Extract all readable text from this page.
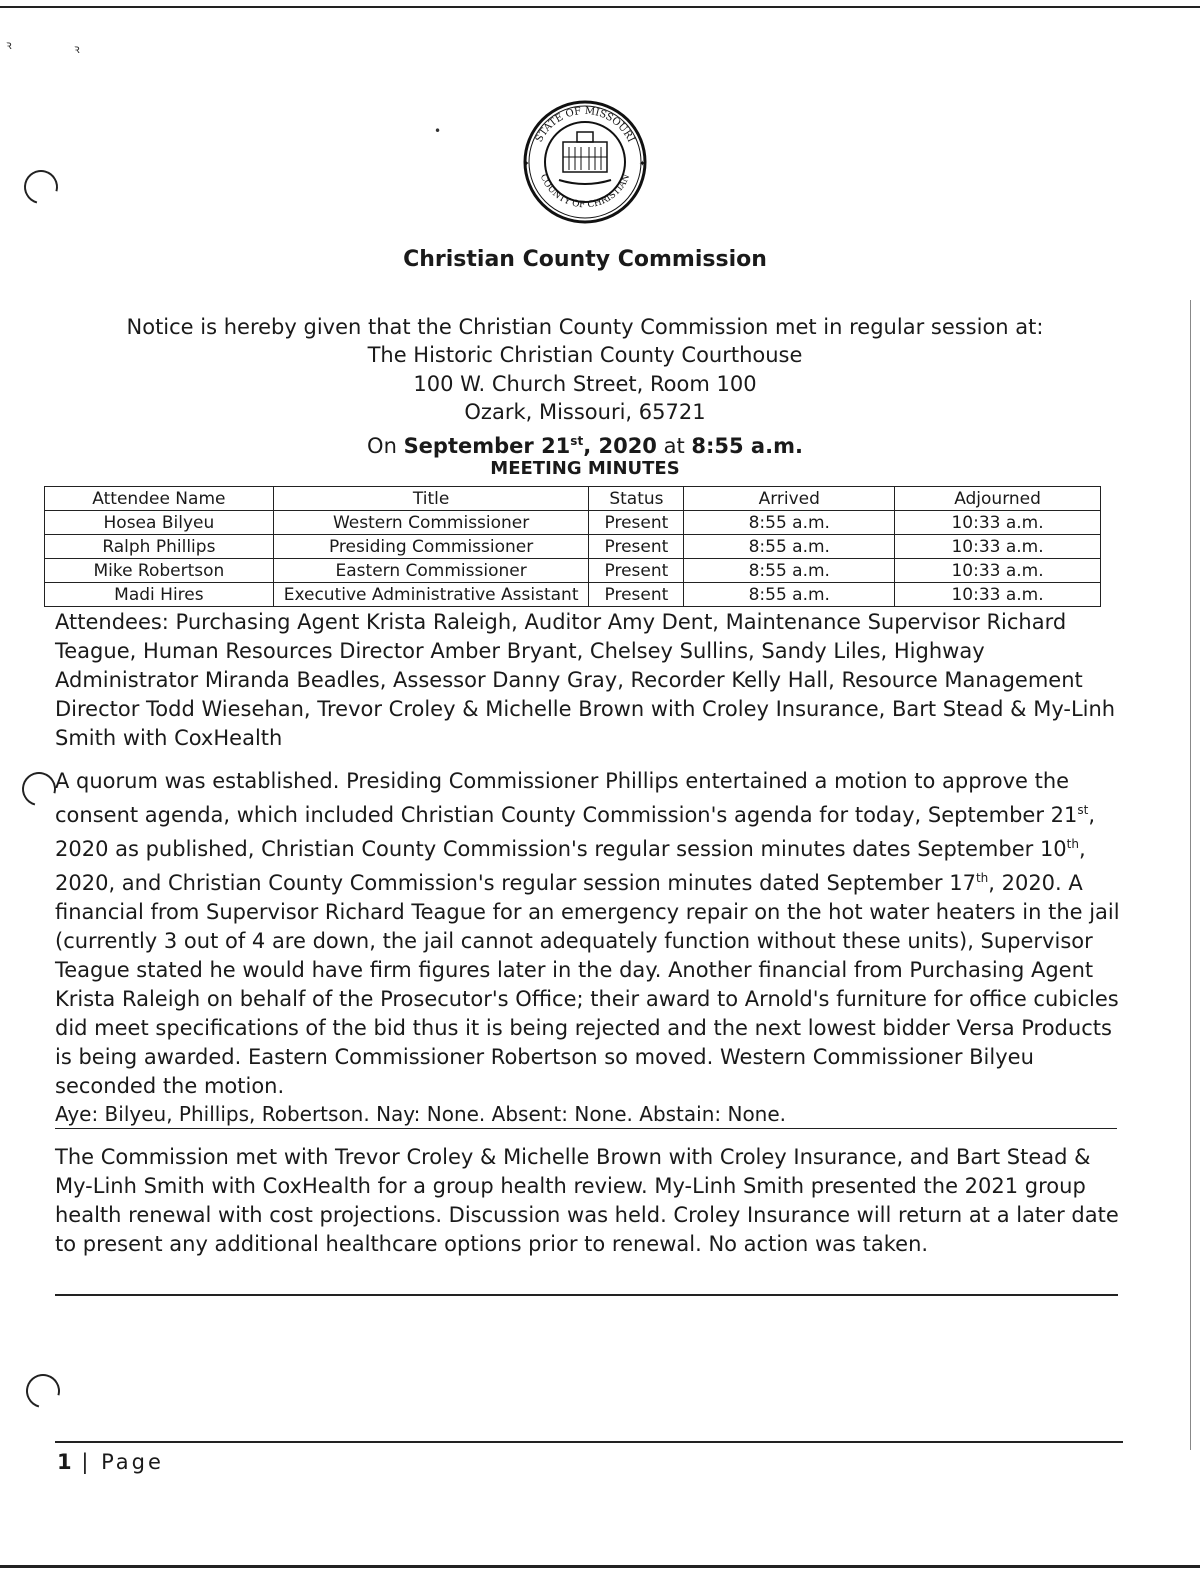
ꝛ	ꝛ
•
STATE OF MISSOURI
COUNTY OF CHRISTIAN
✦	✦
Christian County Commission
Notice is hereby given that the Christian County Commission met in regular session at:
The Historic Christian County Courthouse
100 W. Church Street, Room 100
Ozark, Missouri, 65721
On September 21st, 2020 at 8:55 a.m.
MEETING MINUTES
Attendee Name	Title	Status	Arrived	Adjourned
Hosea Bilyeu	Western Commissioner	Present	8:55 a.m.	10:33 a.m.
Ralph Phillips	Presiding Commissioner	Present	8:55 a.m.	10:33 a.m.
Mike Robertson	Eastern Commissioner	Present	8:55 a.m.	10:33 a.m.
Madi Hires	Executive Administrative Assistant	Present	8:55 a.m.	10:33 a.m.
Attendees: Purchasing Agent Krista Raleigh, Auditor Amy Dent, Maintenance Supervisor Richard Teague, Human Resources Director Amber Bryant, Chelsey Sullins, Sandy Liles, Highway Administrator Miranda Beadles, Assessor Danny Gray, Recorder Kelly Hall, Resource Management Director Todd Wiesehan, Trevor Croley & Michelle Brown with Croley Insurance, Bart Stead & My-Linh Smith with CoxHealth
A quorum was established. Presiding Commissioner Phillips entertained a motion to approve the consent agenda, which included Christian County Commission's agenda for today, September 21st, 2020 as published, Christian County Commission's regular session minutes dates September 10th, 2020, and Christian County Commission's regular session minutes dated September 17th, 2020. A financial from Supervisor Richard Teague for an emergency repair on the hot water heaters in the jail (currently 3 out of 4 are down, the jail cannot adequately function without these units), Supervisor Teague stated he would have firm figures later in the day. Another financial from Purchasing Agent Krista Raleigh on behalf of the Prosecutor's Office; their award to Arnold's furniture for office cubicles did meet specifications of the bid thus it is being rejected and the next lowest bidder Versa Products is being awarded. Eastern Commissioner Robertson so moved. Western Commissioner Bilyeu seconded the motion.
Aye: Bilyeu, Phillips, Robertson. Nay: None. Absent: None. Abstain: None.
The Commission met with Trevor Croley & Michelle Brown with Croley Insurance, and Bart Stead & My-Linh Smith with CoxHealth for a group health review. My-Linh Smith presented the 2021 group health renewal with cost projections. Discussion was held. Croley Insurance will return at a later date to present any additional healthcare options prior to renewal. No action was taken.
1 | Page
